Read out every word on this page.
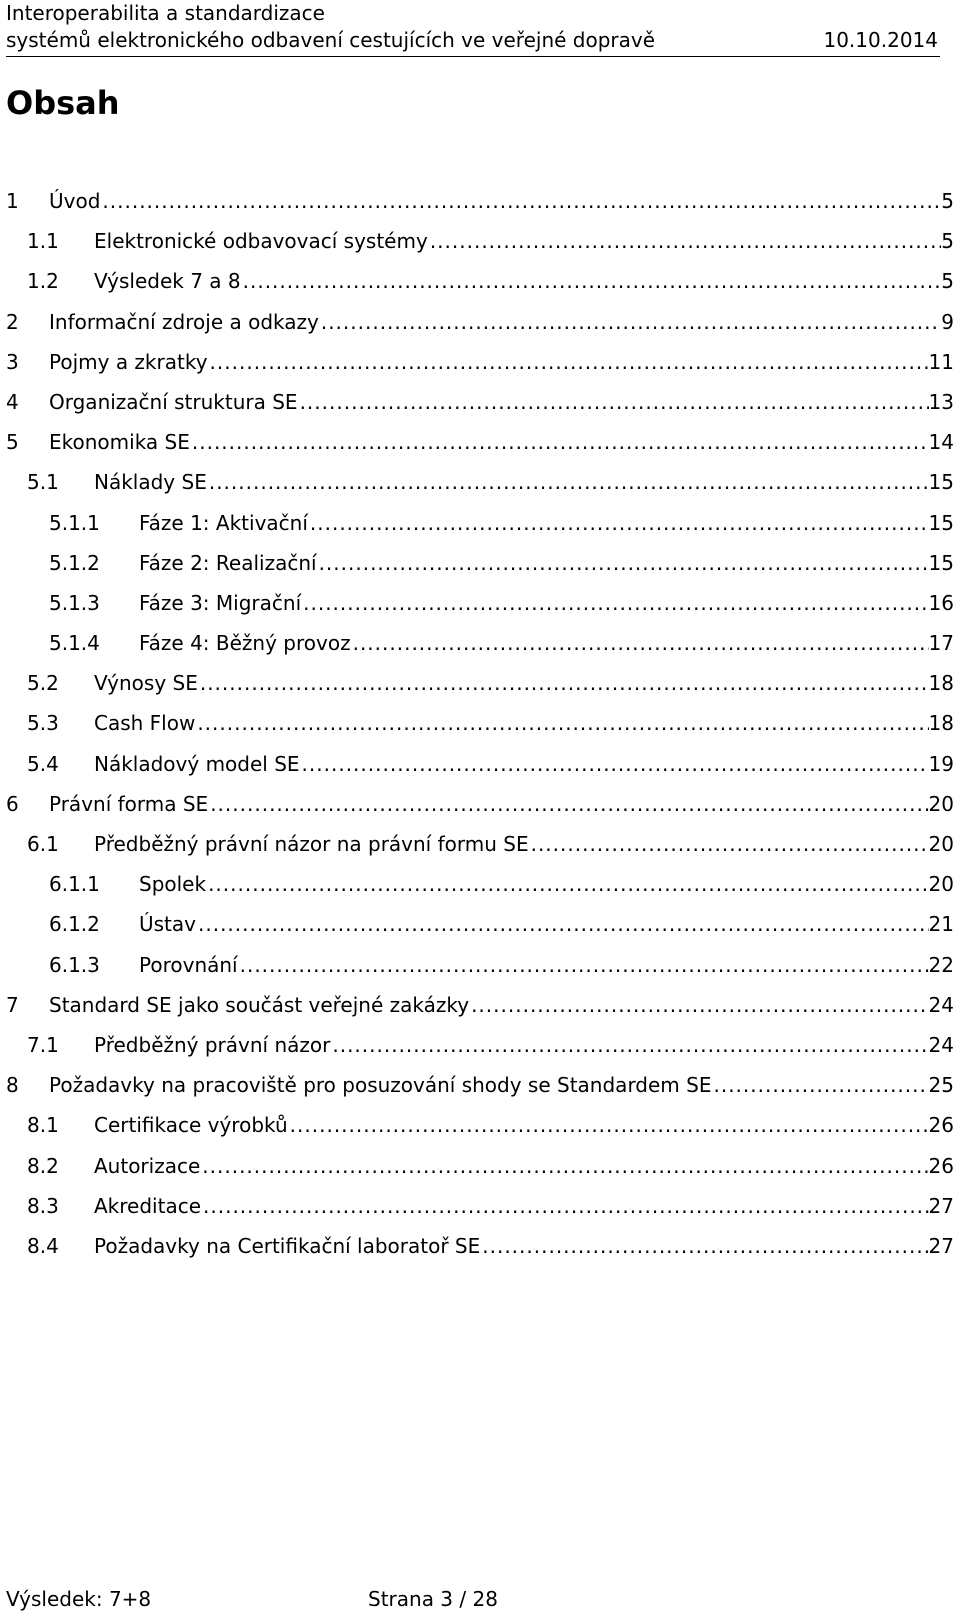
Interoperabilita a standardizace
systémů elektronického odbavení cestujících ve veřejné dopravě	10.10.2014
Obsah
1 Úvod .....	5
1.1 Elektronické odbavovací systémy .....	5
1.2 Výsledek 7 a 8 .....	5
2 Informační zdroje a odkazy .....	9
3 Pojmy a zkratky .....	11
4 Organizační struktura SE .....	13
5 Ekonomika SE .....	14
5.1 Náklady SE .....	15
5.1.1 Fáze 1: Aktivační .....	15
5.1.2 Fáze 2: Realizační .....	15
5.1.3 Fáze 3: Migrační .....	16
5.1.4 Fáze 4: Běžný provoz .....	17
5.2 Výnosy SE .....	18
5.3 Cash Flow .....	18
5.4 Nákladový model SE .....	19
6 Právní forma SE .....	20
6.1 Předběžný právní názor na právní formu SE .....	20
6.1.1 Spolek .....	20
6.1.2 Ústav .....	21
6.1.3 Porovnání .....	22
7 Standard SE jako součást veřejné zakázky .....	24
7.1 Předběžný právní názor .....	24
8 Požadavky na pracoviště pro posuzování shody se Standardem SE .....	25
8.1 Certifikace výrobků .....	26
8.2 Autorizace .....	26
8.3 Akreditace .....	27
8.4 Požadavky na Certifikační laboratoř SE .....	27
Výsledek: 7+8	Strana 3 / 28
